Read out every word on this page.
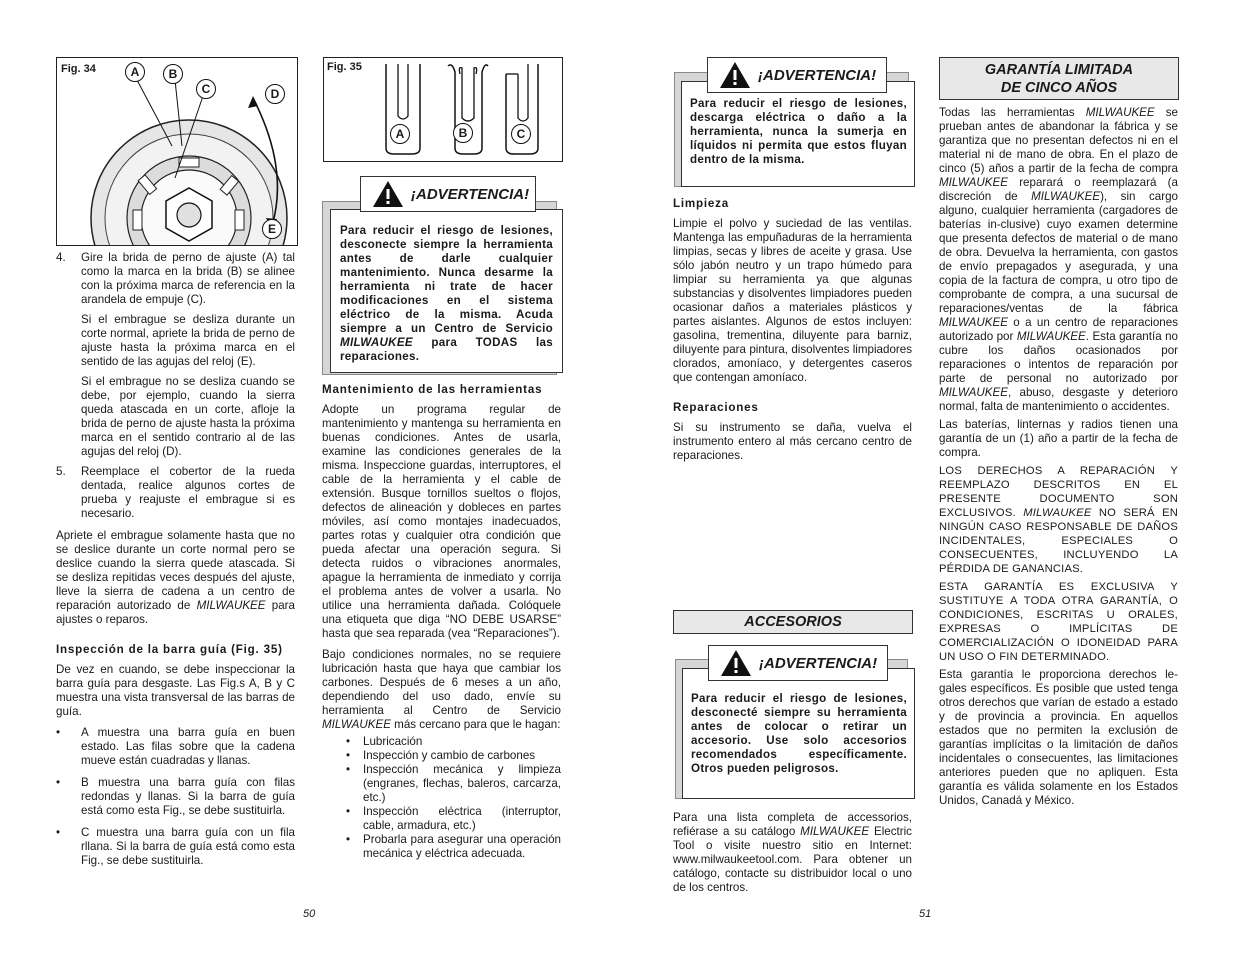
Fig. 34	A	B
C	D
E
4.	Gire la brida de perno de ajuste (A) tal como la marca en la brida (B) se alinee con la próxima marca de referencia en la arandela de empuje (C).
Si el embrague se desliza durante un corte normal, apriete la brida de perno de ajuste hasta la próxima marca en el sentido de las agujas del reloj (E).
Si el embrague no se desliza cuando se debe, por ejemplo, cuando la sierra queda atascada en un corte, afloje la brida de perno de ajuste hasta la próxima marca en el sentido contrario al de las agujas del reloj (D).
5.	Reemplace el cobertor de la rueda dentada, realice algunos cortes de prueba y reajuste el embrague si es necesario.

Apriete el embrague solamente hasta que no se deslice durante un corte normal pero se deslice cuando la sierra quede atascada. Si se desliza repitidas veces después del ajuste, lleve la sierra de cadena a un centro de reparación autorizado de MILWAUKEE para ajustes o reparos.

Inspección de la barra guía (Fig. 35)

De vez en cuando, se debe inspeccionar la barra guía para desgaste. Las Fig.s A, B y C muestra una vista transversal de las barras de guía.

•	A muestra una barra guía en buen estado. Las filas sobre que la cadena mueve están cuadradas y llanas.
•	B muestra una barra guía con filas redondas y llanas. Si la barra de guía está como esta Fig., se debe sustituirla.
•	C muestra una barra guía con un fila rllana. Si la barra de guía está como esta Fig., se debe sustituirla.
Fig. 35
A	B	C
Para reducir el riesgo de lesiones, desconecte siempre la herramienta antes de darle cualquier mantenimiento. Nunca desarme la herramienta ni trate de hacer modificaciones en el sistema eléctrico de la misma. Acuda siempre a un Centro de Servicio MILWAUKEE para TODAS las reparaciones.
¡ADVERTENCIA!
Mantenimiento de las herramientas

Adopte un programa regular de mantenimiento y mantenga su herramienta en buenas condiciones. Antes de usarla, examine las condiciones generales de la misma. Inspeccione guardas, interruptores, el cable de la herramienta y el cable de extensión. Busque tornillos sueltos o flojos, defectos de alineación y dobleces en partes móviles, así como montajes inadecuados, partes rotas y cualquier otra condición que pueda afectar una operación segura. Si detecta ruidos o vibraciones anormales, apague la herramienta de inmediato y corrija el problema antes de volver a usarla. No utilice una herramienta dañada. Colóquele una etiqueta que diga “NO DEBE USARSE” hasta que sea reparada (vea “Reparaciones”).

Bajo condiciones normales, no se requiere lubricación hasta que haya que cambiar los carbones. Después de 6 meses a un año, dependiendo del uso dado, envíe su herramienta al Centro de Servicio MILWAUKEE más cercano para que le hagan:

•	Lubricación
•	Inspección y cambio de carbones
•	Inspección mecánica y limpieza (engranes, flechas, baleros, carcarza, etc.)
•	Inspección eléctrica (interruptor, cable, armadura, etc.)
•	Probarla para asegurar una operación mecánica y eléctrica adecuada.
50
Para reducir el riesgo de lesiones, descarga eléctrica o daño a la herramienta, nunca la sumerja en líquidos ni permita que estos fluyan dentro de la misma.
¡ADVERTENCIA!
Limpieza

Limpie el polvo y suciedad de las ventilas. Mantenga las empuñaduras de la herramienta limpias, secas y libres de aceite y grasa. Use sólo jabón neutro y un trapo húmedo para limpiar su herramienta ya que algunas substancias y disolventes limpiadores pueden ocasionar daños a materiales plásticos y partes aislantes. Algunos de estos incluyen: gasolina, trementina, diluyente para barniz, diluyente para pintura, disolventes limpiadores clorados, amoníaco, y detergentes caseros que contengan amoníaco.

Reparaciones

Si su instrumento se daña, vuelva el instrumento entero al más cercano centro de reparaciones.

ACCESORIOS
Para reducir el riesgo de lesiones, desconecté siempre su herramienta antes de colocar o retirar un accesorio. Use solo accesorios recomendados específicamente. Otros pueden peligrosos.
¡ADVERTENCIA!

Para una lista completa de accessorios, refiérase a su catálogo MILWAUKEE Electric Tool o visite nuestro sitio en Internet: www.milwaukeetool.com. Para obtener un catálogo, contacte su distribuidor local o uno de los centros.

GARANTÍA LIMITADA
DE CINCO AÑOS

Todas las herramientas MILWAUKEE se prueban antes de abandonar la fábrica y se garantiza que no presentan defectos ni en el material ni de mano de obra. En el plazo de cinco (5) años a partir de la fecha de compra MILWAUKEE reparará o reemplazará (a discreción de MILWAUKEE), sin cargo alguno, cualquier herramienta (cargadores de baterías in-clusive) cuyo examen determine que presenta defectos de material o de mano de obra. Devuelva la herramienta, con gastos de envío prepagados y asegurada, y una copia de la factura de compra, u otro tipo de comprobante de compra, a una sucursal de reparaciones/ventas de la fábrica MILWAUKEE o a un centro de reparaciones autorizado por MILWAUKEE. Esta garantía no cubre los daños ocasionados por reparaciones o intentos de reparación por parte de personal no autorizado por MILWAUKEE, abuso, desgaste y deterioro normal, falta de mantenimiento o accidentes.

Las baterías, linternas y radios tienen una garantía de un (1) año a partir de la fecha de compra.

LOS DERECHOS A REPARACIÓN Y REEMPLAZO DESCRITOS EN EL PRESENTE DOCUMENTO SON EXCLUSIVOS. MILWAUKEE NO SERÁ EN NINGÚN CASO RESPONSABLE DE DAÑOS INCIDENTALES, ESPECIALES O CONSECUENTES, INCLUYENDO LA PÉRDIDA DE GANANCIAS.

ESTA GARANTÍA ES EXCLUSIVA Y SUSTITUYE A TODA OTRA GARANTÍA, O CONDICIONES, ESCRITAS U ORALES, EXPRESAS O IMPLÍCITAS DE COMERCIALIZACIÓN O IDONEIDAD PARA UN USO O FIN DETERMINADO.

Esta garantía le proporciona derechos le-gales específicos. Es posible que usted tenga otros derechos que varían de estado a estado y de provincia a provincia. En aquellos estados que no permiten la exclusión de garantías implícitas o la limitación de daños incidentales o consecuentes, las limitaciones anteriores pueden que no apliquen. Esta garantía es válida solamente en los Estados Unidos, Canadá y México.

51
